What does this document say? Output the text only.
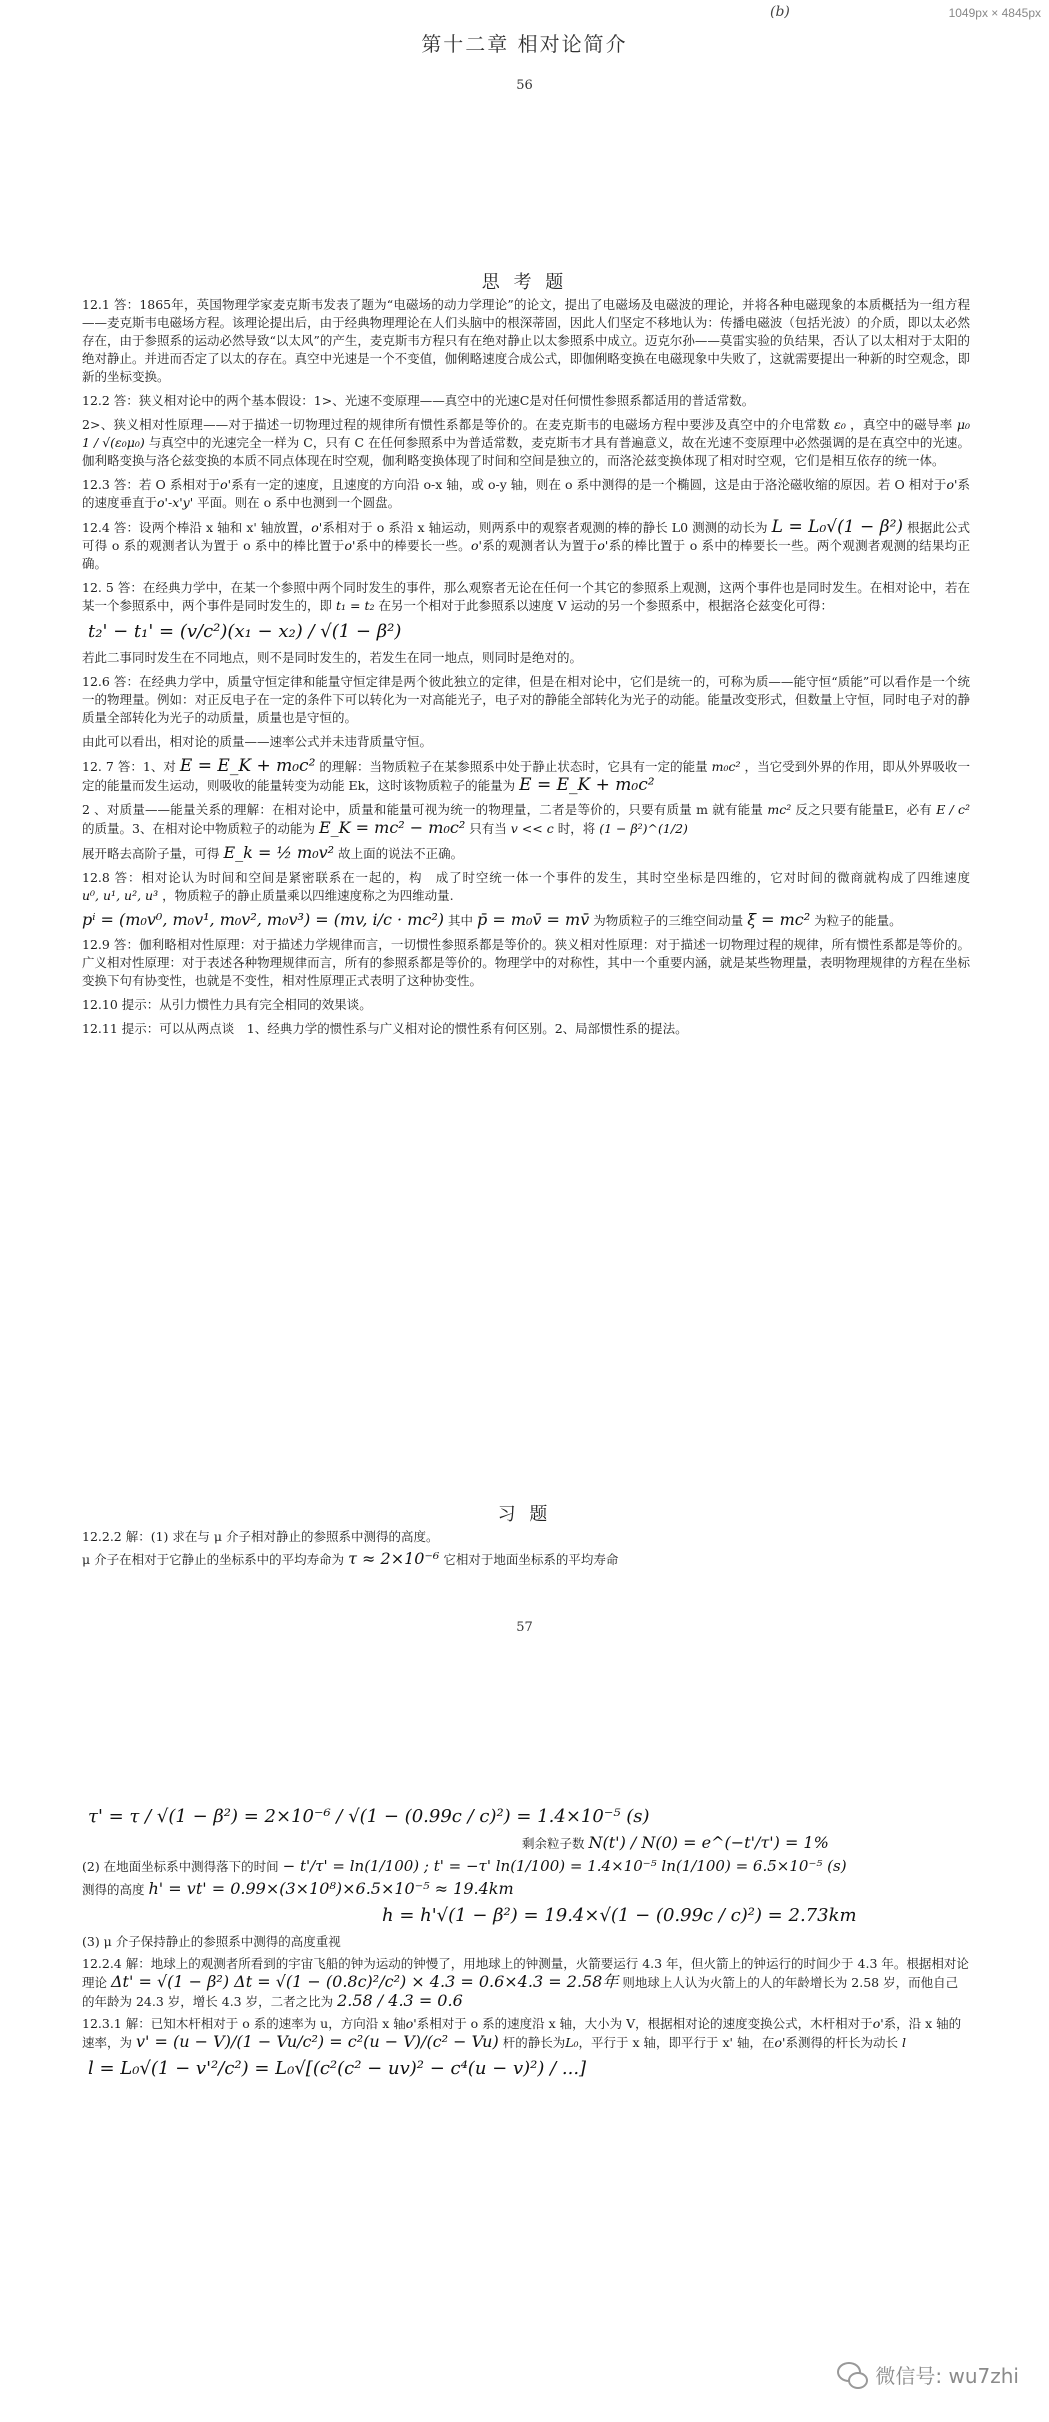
(b)	1049px × 4845px
第十二章 相对论简介
56
思 考 题

12.1 答：1865年，英国物理学家麦克斯韦发表了题为“电磁场的动力学理论”的论文，提出了电磁场及电磁波的理论，并将各种电磁现象的本质概括为一组方程——麦克斯韦电磁场方程。该理论提出后，由于经典物理理论在人们头脑中的根深蒂固，因此人们坚定不移地认为：传播电磁波（包括光波）的介质，即以太必然存在，由于参照系的运动必然导致“以太风”的产生，麦克斯韦方程只有在绝对静止以太参照系中成立。迈克尔孙——莫雷实验的负结果，否认了以太相对于太阳的绝对静止。并进而否定了以太的存在。真空中光速是一个不变值，伽俐略速度合成公式，即伽俐略变换在电磁现象中失败了，这就需要提出一种新的时空观念，即新的坐标变换。

12.2 答：狭义相对论中的两个基本假设：1>、光速不变原理——真空中的光速C是对任何惯性参照系都适用的普适常数。

2>、狭义相对性原理——对于描述一切物理过程的规律所有惯性系都是等价的。在麦克斯韦的电磁场方程中要涉及真空中的介电常数 ε₀ ，真空中的磁导率 μ₀ 1 / √(ε₀μ₀) 与真空中的光速完全一样为 C，只有 C 在任何参照系中为普适常数，麦克斯韦才具有普遍意义，故在光速不变原理中必然强调的是在真空中的光速。伽利略变换与洛仑兹变换的本质不同点体现在时空观，伽利略变换体现了时间和空间是独立的，而洛沦兹变换体现了相对时空观，它们是相互依存的统一体。

12.3 答：若 O 系相对于o'系有一定的速度，且速度的方向沿 o-x 轴，或 o-y 轴，则在 o 系中测得的是一个椭圆，这是由于洛沦磁收缩的原因。若 O 相对于o'系的速度垂直于o'-x'y' 平面。则在 o 系中也测到一个圆盘。

12.4 答：设两个棒沿 x 轴和 x' 轴放置，o'系相对于 o 系沿 x 轴运动，则两系中的观察者观测的棒的静长 L0 测测的动长为 L = L₀√(1 − β²) 根据此公式可得 o 系的观测者认为置于 o 系中的棒比置于o'系中的棒要长一些。o'系的观测者认为置于o'系的棒比置于 o 系中的棒要长一些。两个观测者观测的结果均正确。

12. 5 答：在经典力学中，在某一个参照中两个同时发生的事件，那么观察者无论在任何一个其它的参照系上观测，这两个事件也是同时发生。在相对论中，若在某一个参照系中，两个事件是同时发生的，即 t₁ = t₂ 在另一个相对于此参照系以速度 V 运动的另一个参照系中，根据洛仑兹变化可得：
t₂' − t₁' = (v/c²)(x₁ − x₂) / √(1 − β²)
若此二事同时发生在不同地点，则不是同时发生的，若发生在同一地点，则同时是绝对的。

12.6 答：在经典力学中，质量守恒定律和能量守恒定律是两个彼此独立的定律，但是在相对论中，它们是统一的，可称为质——能守恒“质能”可以看作是一个统一的物理量。例如：对正反电子在一定的条件下可以转化为一对高能光子，电子对的静能全部转化为光子的动能。能量改变形式，但数量上守恒，同时电子对的静质量全部转化为光子的动质量，质量也是守恒的。

由此可以看出，相对论的质量——速率公式并未违背质量守恒。

12. 7 答：1、对 E = E_K + m₀c² 的理解：当物质粒子在某参照系中处于静止状态时，它具有一定的能量 m₀c² ，当它受到外界的作用，即从外界吸收一定的能量而发生运动，则吸收的能量转变为动能 Ek，这时该物质粒子的能量为 E = E_K + m₀c²

2 、对质量——能量关系的理解：在相对论中，质量和能量可视为统一的物理量，二者是等价的，只要有质量 m 就有能量 mc² 反之只要有能量E，必有 E / c² 的质量。3、在相对论中物质粒子的动能为 E_K = mc² − m₀c² 只有当 v << c 时，将 (1 − β²)^(1/2)

展开略去高阶子量，可得 E_k = ½ m₀v² 故上面的说法不正确。

12.8 答：相对论认为时间和空间是紧密联系在一起的，构　成了时空统一体一个事件的发生，其时空坐标是四维的，它对时间的微商就构成了四维速度 u⁰, u¹, u², u³ ，物质粒子的静止质量乘以四维速度称之为四维动量.

pⁱ = (m₀v⁰, m₀v¹, m₀v², m₀v³) = (mv, i/c · mc²) 其中 p̄ = m₀v̄ = mv̄ 为物质粒子的三维空间动量 ξ = mc² 为粒子的能量。

12.9 答：伽利略相对性原理：对于描述力学规律而言，一切惯性参照系都是等价的。狭义相对性原理：对于描述一切物理过程的规律，所有惯性系都是等价的。广义相对性原理：对于表述各种物理规律而言，所有的参照系都是等价的。物理学中的对称性，其中一个重要内涵，就是某些物理量，表明物理规律的方程在坐标变换下句有协变性，也就是不变性，相对性原理正式表明了这种协变性。

12.10 提示：从引力惯性力具有完全相同的效果谈。

12.11 提示：可以从两点谈　1、经典力学的惯性系与广义相对论的惯性系有何区别。2、局部惯性系的提法。

习 题

12.2.2 解：(1) 求在与 μ 介子相对静止的参照系中测得的高度。

μ 介子在相对于它静止的坐标系中的平均寿命为 τ ≈ 2×10⁻⁶ 它相对于地面坐标系的平均寿命

57
τ' = τ / √(1 − β²) = 2×10⁻⁶ / √(1 − (0.99c / c)²) = 1.4×10⁻⁵ (s)

剩余粒子数 N(t') / N(0) = e^(−t'/τ') = 1%

(2) 在地面坐标系中测得落下的时间 − t'/τ' = ln(1/100) ; t' = −τ' ln(1/100) = 1.4×10⁻⁵ ln(1/100) = 6.5×10⁻⁵ (s)

测得的高度 h' = vt' = 0.99×(3×10⁸)×6.5×10⁻⁵ ≈ 19.4km

h = h'√(1 − β²) = 19.4×√(1 − (0.99c / c)²) = 2.73km

(3) μ 介子保持静止的参照系中测得的高度重视

12.2.4 解：地球上的观测者所看到的宇宙飞船的钟为运动的钟慢了，用地球上的钟测量，火箭要运行 4.3 年，但火箭上的钟运行的时间少于 4.3 年。根据相对论理论 Δt' = √(1 − β²) Δt = √(1 − (0.8c)²/c²) × 4.3 = 0.6×4.3 = 2.58年 则地球上人认为火箭上的人的年龄增长为 2.58 岁，而他自己的年龄为 24.3 岁，增长 4.3 岁，二者之比为 2.58 / 4.3 = 0.6

12.3.1 解：已知木杆相对于 o 系的速率为 u，方向沿 x 轴o'系相对于 o 系的速度沿 x 轴，大小为 V，根据相对论的速度变换公式，木杆相对于o'系，沿 x 轴的速率，为 v' = (u − V)/(1 − Vu/c²) = c²(u − V)/(c² − Vu) 杆的静长为L₀，平行于 x 轴，即平行于 x' 轴，在o'系测得的杆长为动长 l

l = L₀√(1 − v'²/c²) = L₀√[(c²(c² − uv)² − c⁴(u − v)²) / ...]
微信号: wu7zhi
